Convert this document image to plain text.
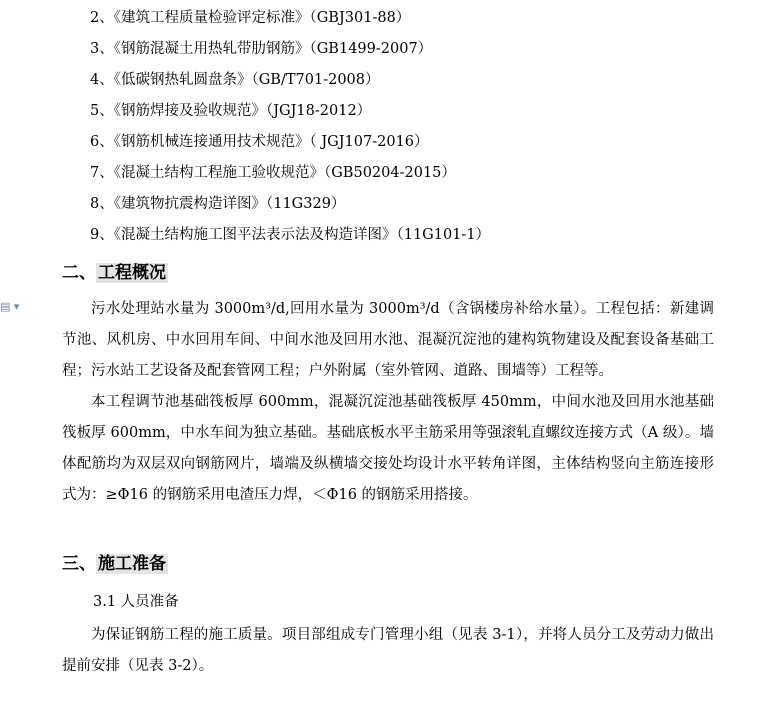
▤ ▾
2、《建筑工程质量检验评定标准》（GBJ301-88）
3、《钢筋混凝土用热轧带肋钢筋》（GB1499-2007）
4、《低碳钢热轧圆盘条》（GB/T701-2008）
5、《钢筋焊接及验收规范》（JGJ18-2012）
6、《钢筋机械连接通用技术规范》（ JGJ107-2016）
7、《混凝土结构工程施工验收规范》（GB50204-2015）
8、《建筑物抗震构造详图》（11G329）
9、《混凝土结构施工图平法表示法及构造详图》（11G101-1）
二、 工程概况

污水处理站水量为 3000m³/d,回用水量为 3000m³/d（含锅楼房补给水量）。工程包括：新建调节池、风机房、中水回用车间、中间水池及回用水池、混凝沉淀池的建构筑物建设及配套设备基础工程；污水站工艺设备及配套管网工程；户外附属（室外管网、道路、围墙等）工程等。

本工程调节池基础筏板厚 600mm，混凝沉淀池基础筏板厚 450mm，中间水池及回用水池基础筏板厚 600mm，中水车间为独立基础。基础底板水平主筋采用等强滚轧直螺纹连接方式（A 级）。墙体配筋均为双层双向钢筋网片，墙端及纵横墙交接处均设计水平转角详图，主体结构竖向主筋连接形式为：≥Φ16 的钢筋采用电渣压力焊，＜Φ16 的钢筋采用搭接。

三、 施工准备
3.1 人员准备

为保证钢筋工程的施工质量。项目部组成专门管理小组（见表 3-1），并将人员分工及劳动力做出提前安排（见表 3-2）。
